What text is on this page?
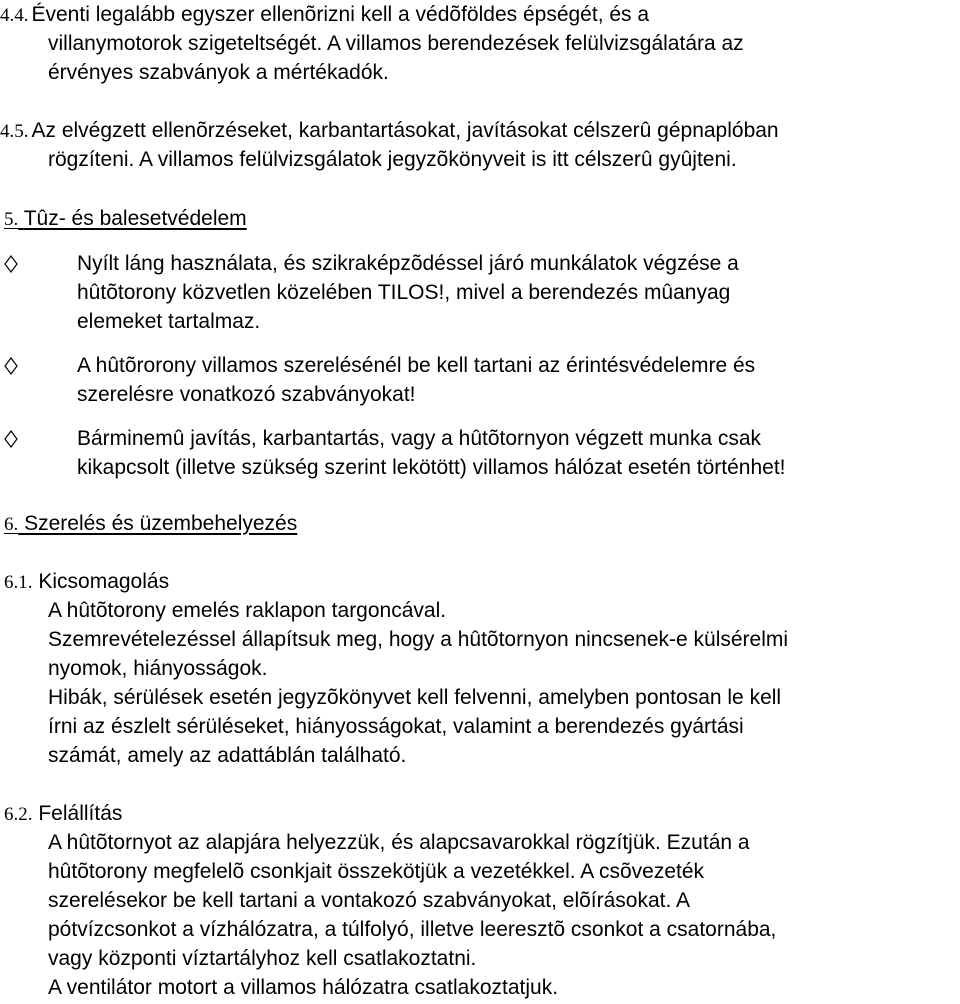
4.4. Éventi legalább egyszer ellenõrizni kell a védõföldes épségét, és a
villanymotorok szigeteltségét. A villamos berendezések felülvizsgálatára az
érvényes szabványok a mértékadók.
4.5. Az elvégzett ellenõrzéseket, karbantartásokat, javításokat célszerû gépnaplóban
rögzíteni. A villamos felülvizsgálatok jegyzõkönyveit is itt célszerû gyûjteni.
5. Tûz- és balesetvédelem
Nyílt láng használata, és szikraképzõdéssel járó munkálatok végzése a
hûtõtorony közvetlen közelében TILOS!, mivel a berendezés mûanyag
elemeket tartalmaz.
A hûtõrorony villamos szerelésénél be kell tartani az érintésvédelemre és
szerelésre vonatkozó szabványokat!
Bárminemû javítás, karbantartás, vagy a hûtõtornyon végzett munka csak
kikapcsolt (illetve szükség szerint lekötött) villamos hálózat esetén történhet!
6. Szerelés és üzembehelyezés
6.1. Kicsomagolás
A hûtõtorony emelés raklapon targoncával.
Szemrevételezéssel állapítsuk meg, hogy a hûtõtornyon nincsenek-e külsérelmi
nyomok, hiányosságok.
Hibák, sérülések esetén jegyzõkönyvet kell felvenni, amelyben pontosan le kell
írni az észlelt sérüléseket, hiányosságokat, valamint a berendezés gyártási
számát, amely az adattáblán található.
6.2. Felállítás
A hûtõtornyot az alapjára helyezzük, és alapcsavarokkal rögzítjük. Ezután a
hûtõtorony megfelelõ csonkjait összekötjük a vezetékkel. A csõvezeték
szerelésekor be kell tartani a vontakozó szabványokat, elõírásokat. A
pótvízcsonkot a vízhálózatra, a túlfolyó, illetve leeresztõ csonkot a csatornába,
vagy központi víztartályhoz kell csatlakoztatni.
A ventilátor motort a villamos hálózatra csatlakoztatjuk.
